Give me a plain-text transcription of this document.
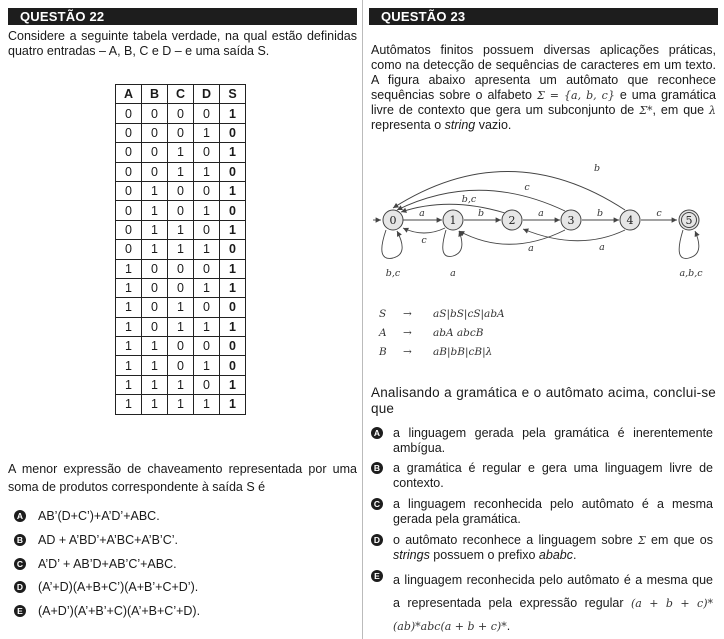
QUESTÃO 22

Considere a seguinte tabela verdade, na qual estão definidas quatro entradas – A, B, C e D – e uma saída S.

A	B	C	D	S
0	0	0	0	1
0	0	0	1	0
0	0	1	0	1
0	0	1	1	0
0	1	0	0	1
0	1	0	1	0
0	1	1	0	1
0	1	1	1	0
1	0	0	0	1
1	0	0	1	1
1	0	1	0	0
1	0	1	1	1
1	1	0	0	0
1	1	0	1	0
1	1	1	0	1
1	1	1	1	1

A menor expressão de chaveamento representada por uma soma de produtos correspondente à saída S é

A AB’(D+C’)+A’D’+ABC.
B AD + A’BD’+A’BC+A’B’C’.
C A’D’ + AB’D+AB’C’+ABC.
D (A’+D)(A+B+C’)(A+B’+C+D’).
E (A+D’)(A’+B’+C)(A’+B+C’+D).
QUESTÃO 23

Autômatos finitos possuem diversas aplicações práticas, como na detecção de sequências de caracteres em um texto. A figura abaixo apresenta um autômato que reconhece sequências sobre o alfabeto Σ = {a, b, c} e uma gramática livre de contexto que gera um subconjunto de Σ*, em que λ representa o string vazio.

0	1	2	3	4	5
a	b	a	b	c
c
b,c
c
b
a	a
b,c	a	a,b,c
S	→	aS|bS|cS|abA
A	→	abA abcB
B	→	aB|bB|cB|λ

Analisando a gramática e o autômato acima, conclui-se que

A a linguagem gerada pela gramática é inerentemente ambígua.
B a gramática é regular e gera uma linguagem livre de contexto.
C a linguagem reconhecida pelo autômato é a mesma gerada pela gramática.
D o autômato reconhece a linguagem sobre Σ em que os strings possuem o prefixo ababc.
E a linguagem reconhecida pelo autômato é a mesma que a representada pela expressão regular (a + b + c)*(ab)*abc(a + b + c)*.
